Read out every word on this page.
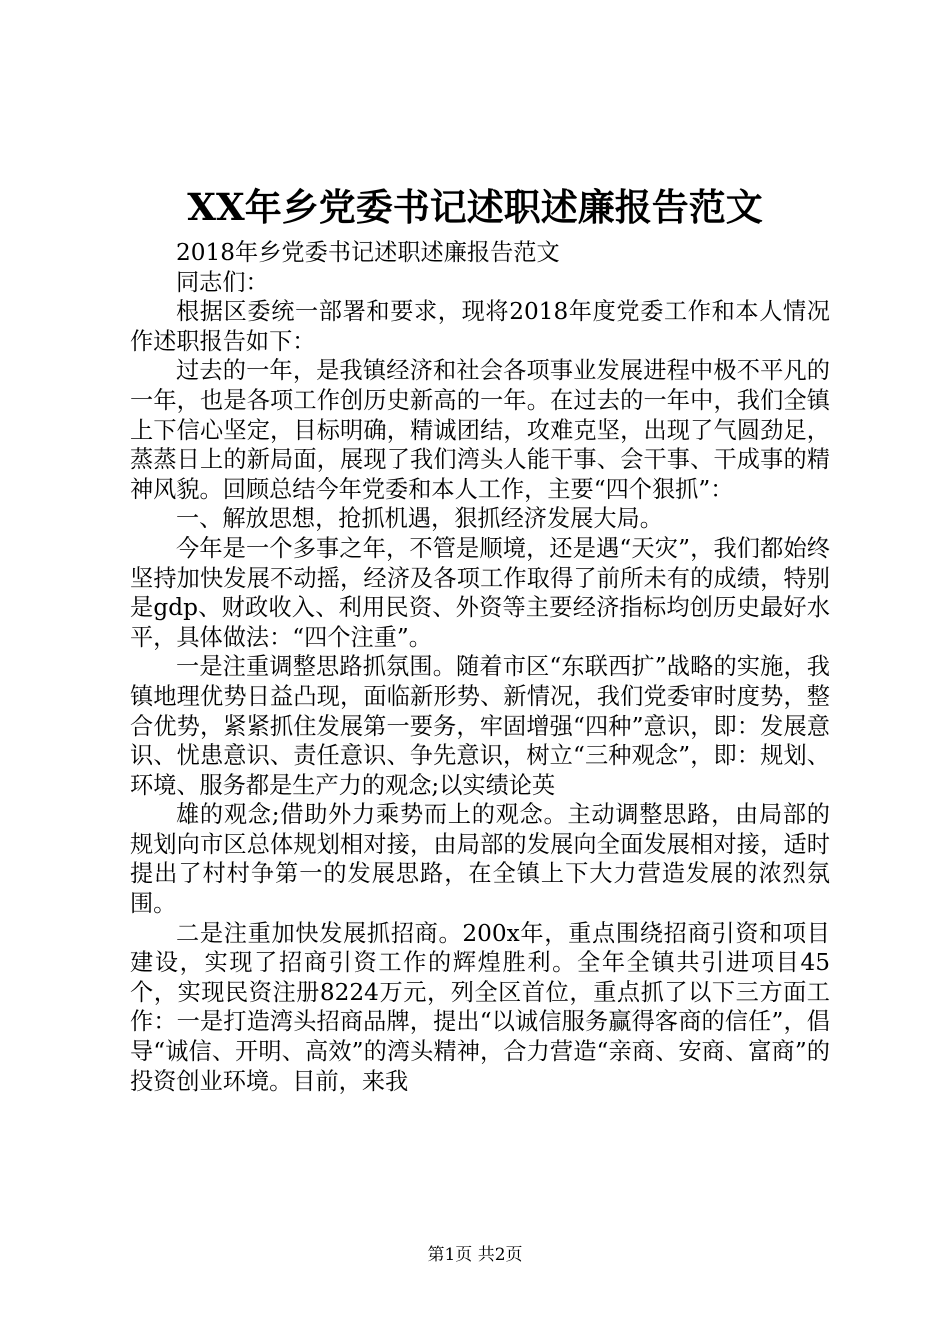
XX年乡党委书记述职述廉报告范文

2018年乡党委书记述职述廉报告范文

同志们：

根据区委统一部署和要求，现将2018年度党委工作和本人情况作述职报告如下：

过去的一年，是我镇经济和社会各项事业发展进程中极不平凡的一年，也是各项工作创历史新高的一年。在过去的一年中，我们全镇上下信心坚定，目标明确，精诚团结，攻难克坚，出现了气圆劲足，蒸蒸日上的新局面，展现了我们湾头人能干事、会干事、干成事的精神风貌。回顾总结今年党委和本人工作，主要“四个狠抓”：

一、解放思想，抢抓机遇，狠抓经济发展大局。

今年是一个多事之年，不管是顺境，还是遇“天灾”，我们都始终坚持加快发展不动摇，经济及各项工作取得了前所未有的成绩，特别是gdp、财政收入、利用民资、外资等主要经济指标均创历史最好水平，具体做法：“四个注重”。

一是注重调整思路抓氛围。随着市区“东联西扩”战略的实施，我镇地理优势日益凸现，面临新形势、新情况，我们党委审时度势，整合优势，紧紧抓住发展第一要务，牢固增强“四种”意识，即：发展意识、忧患意识、责任意识、争先意识，树立“三种观念”，即：规划、环境、服务都是生产力的观念;以实绩论英

雄的观念;借助外力乘势而上的观念。主动调整思路，由局部的规划向市区总体规划相对接，由局部的发展向全面发展相对接，适时提出了村村争第一的发展思路，在全镇上下大力营造发展的浓烈氛围。

二是注重加快发展抓招商。200x年，重点围绕招商引资和项目建设，实现了招商引资工作的辉煌胜利。全年全镇共引进项目45个，实现民资注册8224万元，列全区首位，重点抓了以下三方面工作：一是打造湾头招商品牌，提出“以诚信服务赢得客商的信任”，倡导“诚信、开明、高效”的湾头精神，合力营造“亲商、安商、富商”的投资创业环境。目前，来我

第1页 共2页
